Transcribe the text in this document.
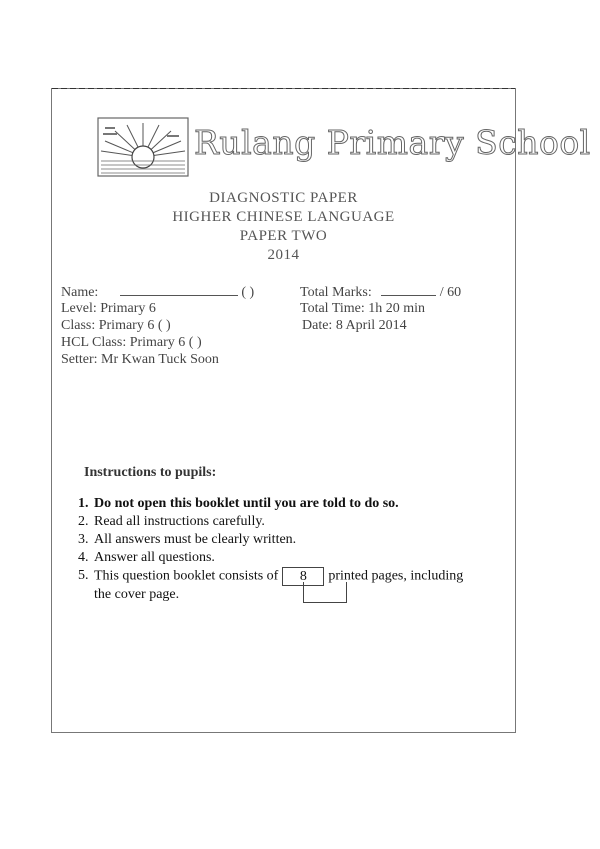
Rulang Primary School
DIAGNOSTIC PAPER
HIGHER CHINESE LANGUAGE
PAPER TWO
2014
Name:	( )
Level: Primary 6
Class: Primary 6 ( )
HCL Class: Primary 6 ( )
Setter: Mr Kwan Tuck Soon
Total Marks:	/ 60
Total Time: 1h 20 min
Date: 8 April 2014
Instructions to pupils:
1. Do not open this booklet until you are told to do so.
2. Read all instructions carefully.
3. All answers must be clearly written.
4. Answer all questions.
5. This question booklet consists of 8 printed pages, including
the cover page.
